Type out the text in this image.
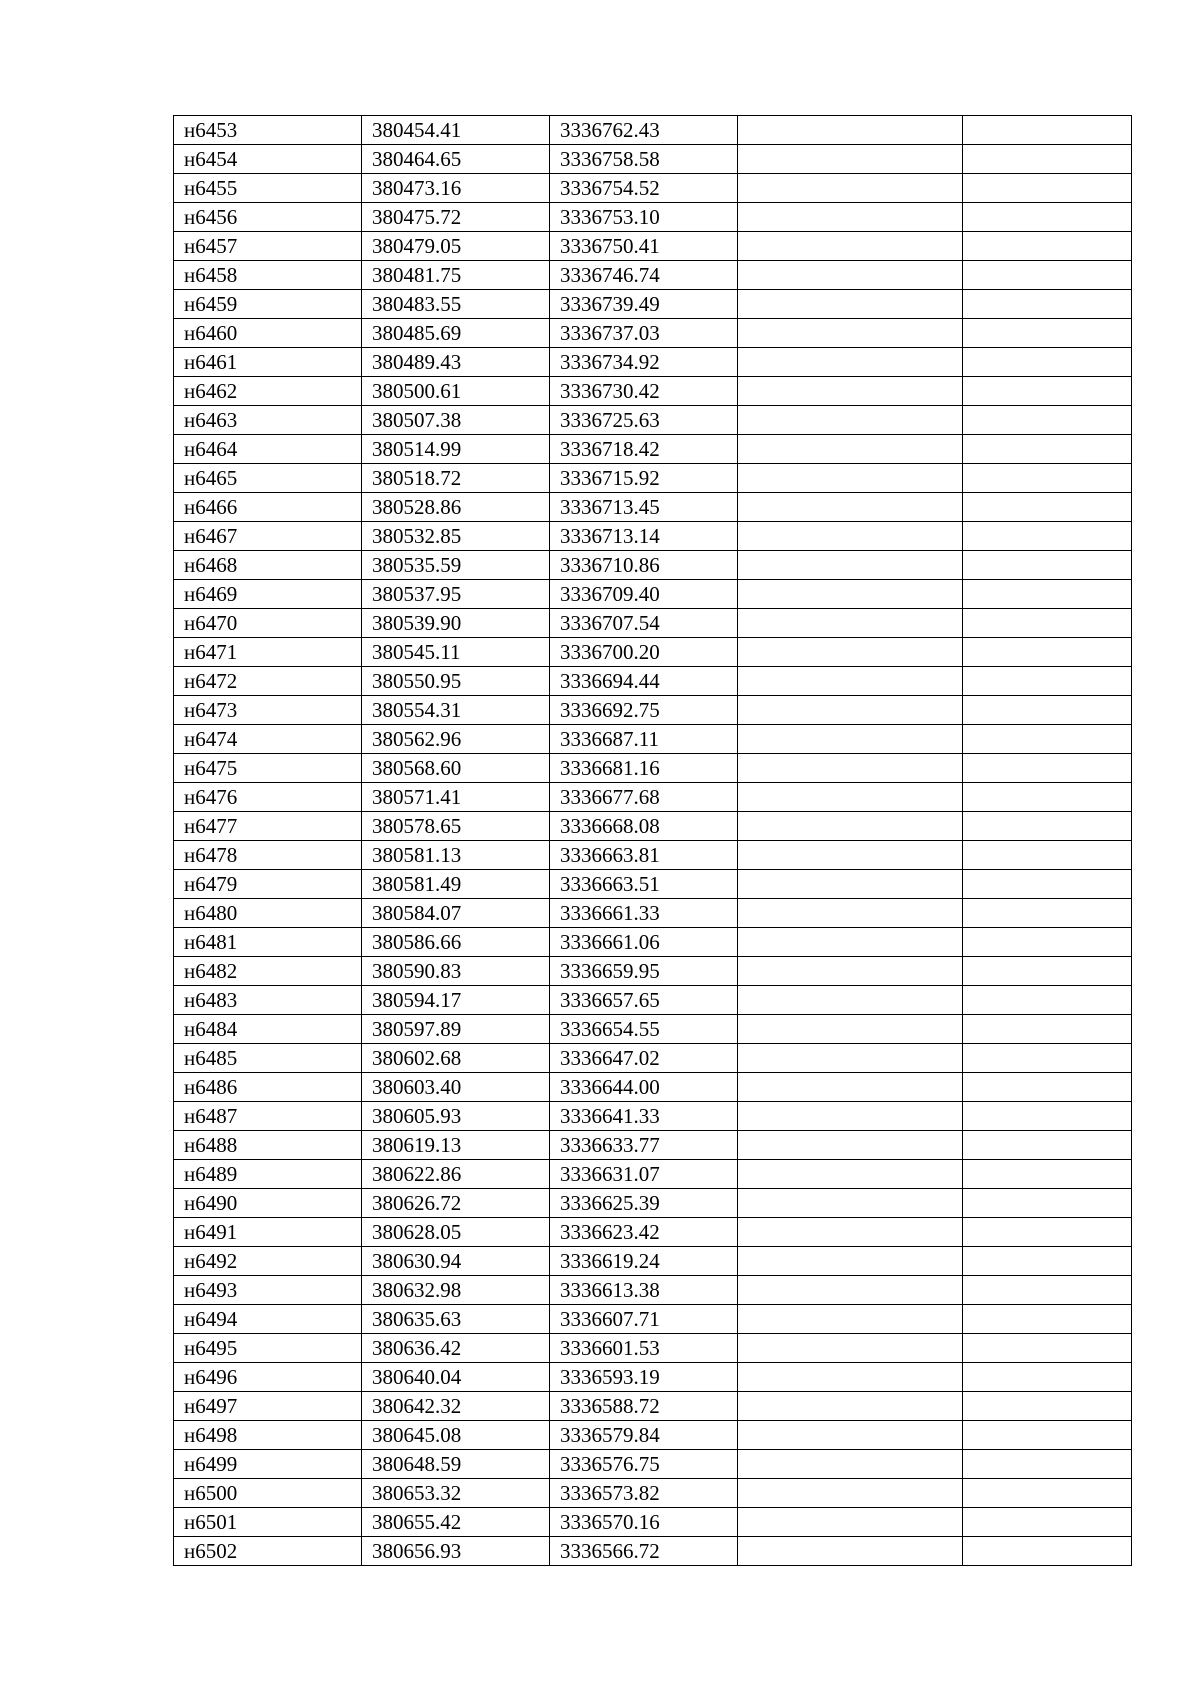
н6453	380454.41	3336762.43		
н6454	380464.65	3336758.58		
н6455	380473.16	3336754.52		
н6456	380475.72	3336753.10		
н6457	380479.05	3336750.41		
н6458	380481.75	3336746.74		
н6459	380483.55	3336739.49		
н6460	380485.69	3336737.03		
н6461	380489.43	3336734.92		
н6462	380500.61	3336730.42		
н6463	380507.38	3336725.63		
н6464	380514.99	3336718.42		
н6465	380518.72	3336715.92		
н6466	380528.86	3336713.45		
н6467	380532.85	3336713.14		
н6468	380535.59	3336710.86		
н6469	380537.95	3336709.40		
н6470	380539.90	3336707.54		
н6471	380545.11	3336700.20		
н6472	380550.95	3336694.44		
н6473	380554.31	3336692.75		
н6474	380562.96	3336687.11		
н6475	380568.60	3336681.16		
н6476	380571.41	3336677.68		
н6477	380578.65	3336668.08		
н6478	380581.13	3336663.81		
н6479	380581.49	3336663.51		
н6480	380584.07	3336661.33		
н6481	380586.66	3336661.06		
н6482	380590.83	3336659.95		
н6483	380594.17	3336657.65		
н6484	380597.89	3336654.55		
н6485	380602.68	3336647.02		
н6486	380603.40	3336644.00		
н6487	380605.93	3336641.33		
н6488	380619.13	3336633.77		
н6489	380622.86	3336631.07		
н6490	380626.72	3336625.39		
н6491	380628.05	3336623.42		
н6492	380630.94	3336619.24		
н6493	380632.98	3336613.38		
н6494	380635.63	3336607.71		
н6495	380636.42	3336601.53		
н6496	380640.04	3336593.19		
н6497	380642.32	3336588.72		
н6498	380645.08	3336579.84		
н6499	380648.59	3336576.75		
н6500	380653.32	3336573.82		
н6501	380655.42	3336570.16		
н6502	380656.93	3336566.72		
